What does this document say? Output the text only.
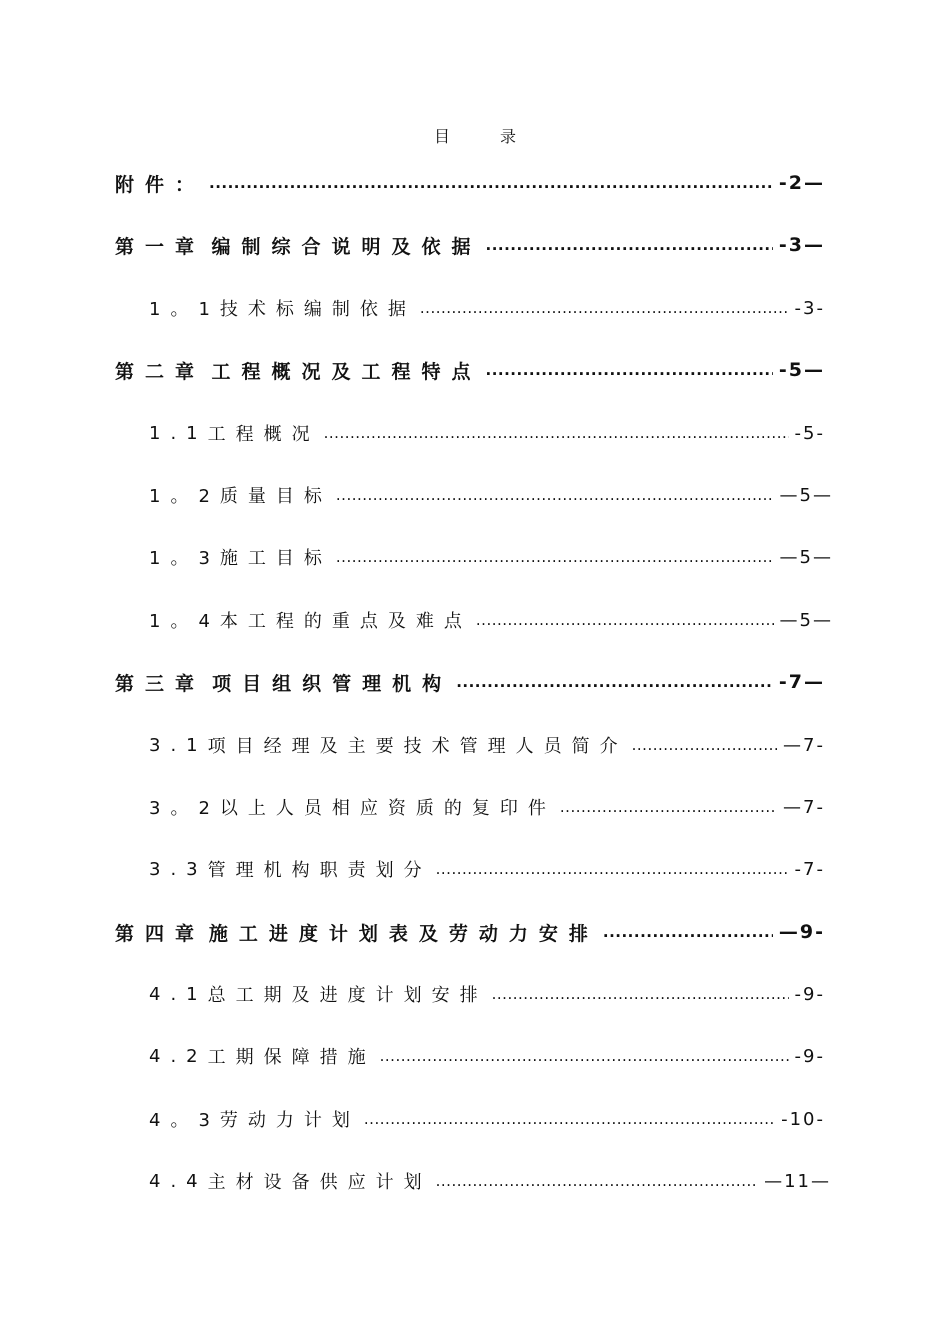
目录
附件： .....	-2—
第一章 编制综合说明及依据 .....	-3—
1。1 技术标编制依据 .....	-3-
第二章 工程概况及工程特点 .....	-5—
1.1 工程概况 .....	-5-
1。2 质量目标 .....	—5—
1。3 施工目标 .....	—5—
1。4 本工程的重点及难点 .....	—5—
第三章 项目组织管理机构 .....	-7—
3.1 项目经理及主要技术管理人员简介 .....	—7-
3。2 以上人员相应资质的复印件 .....	—7-
3.3 管理机构职责划分 .....	-7-
第四章 施工进度计划表及劳动力安排 .....	—9-
4.1 总工期及进度计划安排 .....	-9-
4.2 工期保障措施 .....	-9-
4。3 劳动力计划 .....	-10-
4.4 主材设备供应计划 .....	—11—
